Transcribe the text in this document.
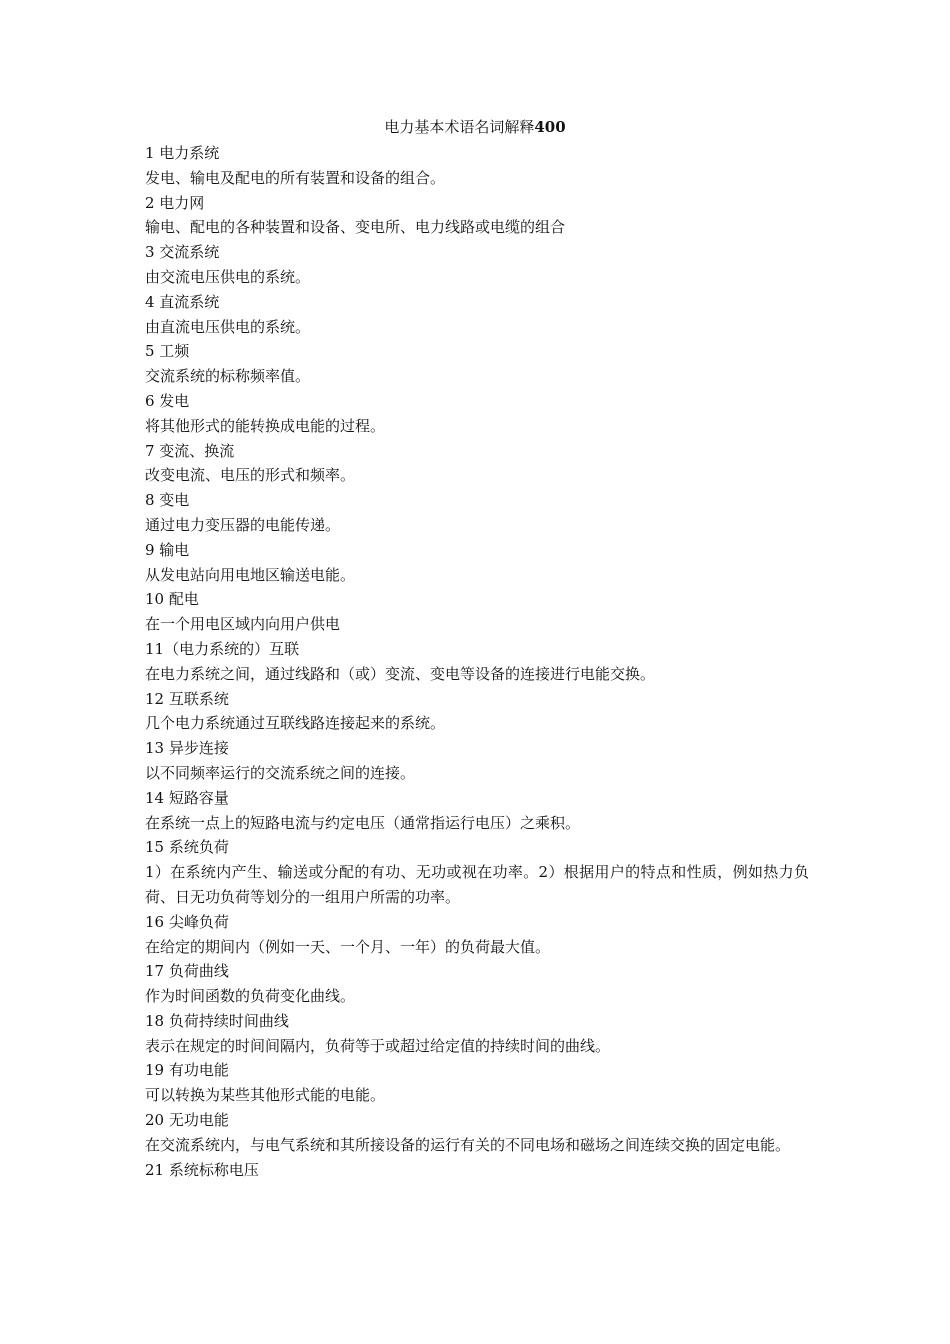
电力基本术语名词解释400
1 电力系统
发电、输电及配电的所有装置和设备的组合。
2 电力网
输电、配电的各种装置和设备、变电所、电力线路或电缆的组合
3 交流系统
由交流电压供电的系统。
4 直流系统
由直流电压供电的系统。
5 工频
交流系统的标称频率值。
6 发电
将其他形式的能转换成电能的过程。
7 变流、换流
改变电流、电压的形式和频率。
8 变电
通过电力变压器的电能传递。
9 输电
从发电站向用电地区输送电能。
10 配电
在一个用电区域内向用户供电
11（电力系统的）互联
在电力系统之间，通过线路和（或）变流、变电等设备的连接进行电能交换。
12 互联系统
几个电力系统通过互联线路连接起来的系统。
13 异步连接
以不同频率运行的交流系统之间的连接。
14 短路容量
在系统一点上的短路电流与约定电压（通常指运行电压）之乘积。
15 系统负荷
1）在系统内产生、输送或分配的有功、无功或视在功率。2）根据用户的特点和性质，例如热力负荷、日无功负荷等划分的一组用户所需的功率。
16 尖峰负荷
在给定的期间内（例如一天、一个月、一年）的负荷最大值。
17 负荷曲线
作为时间函数的负荷变化曲线。
18 负荷持续时间曲线
表示在规定的时间间隔内，负荷等于或超过给定值的持续时间的曲线。
19 有功电能
可以转换为某些其他形式能的电能。
20 无功电能
在交流系统内，与电气系统和其所接设备的运行有关的不同电场和磁场之间连续交换的固定电能。
21 系统标称电压
